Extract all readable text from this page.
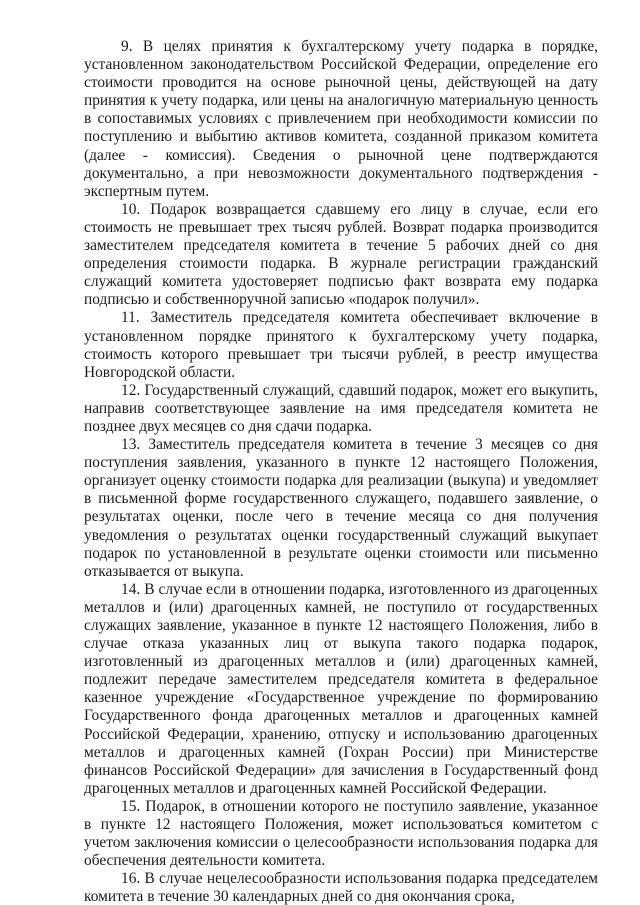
9. В целях принятия к бухгалтерскому учету подарка в порядке, установленном законодательством Российской Федерации, определение его стоимости проводится на основе рыночной цены, действующей на дату принятия к учету подарка, или цены на аналогичную материальную ценность в сопоставимых условиях с привлечением при необходимости комиссии по поступлению и выбытию активов комитета, созданной приказом комитета (далее - комиссия). Сведения о рыночной цене подтверждаются документально, а при невозможности документального подтверждения - экспертным путем.

10. Подарок возвращается сдавшему его лицу в случае, если его стоимость не превышает трех тысяч рублей. Возврат подарка производится заместителем председателя комитета в течение 5 рабочих дней со дня определения стоимости подарка. В журнале регистрации гражданский служащий комитета удостоверяет подписью факт возврата ему подарка подписью и собственноручной записью «подарок получил».

11. Заместитель председателя комитета обеспечивает включение в установленном порядке принятого к бухгалтерскому учету подарка, стоимость которого превышает три тысячи рублей, в реестр имущества Новгородской области.

12. Государственный служащий, сдавший подарок, может его выкупить, направив соответствующее заявление на имя председателя комитета не позднее двух месяцев со дня сдачи подарка.

13. Заместитель председателя комитета в течение 3 месяцев со дня поступления заявления, указанного в пункте 12 настоящего Положения, организует оценку стоимости подарка для реализации (выкупа) и уведомляет в письменной форме государственного служащего, подавшего заявление, о результатах оценки, после чего в течение месяца со дня получения уведомления о результатах оценки государственный служащий выкупает подарок по установленной в результате оценки стоимости или письменно отказывается от выкупа.

14. В случае если в отношении подарка, изготовленного из драгоценных металлов и (или) драгоценных камней, не поступило от государственных служащих заявление, указанное в пункте 12 настоящего Положения, либо в случае отказа указанных лиц от выкупа такого подарка подарок, изготовленный из драгоценных металлов и (или) драгоценных камней, подлежит передаче заместителем председателя комитета в федеральное казенное учреждение «Государственное учреждение по формированию Государственного фонда драгоценных металлов и драгоценных камней Российской Федерации, хранению, отпуску и использованию драгоценных металлов и драгоценных камней (Гохран России) при Министерстве финансов Российской Федерации» для зачисления в Государственный фонд драгоценных металлов и драгоценных камней Российской Федерации.

15. Подарок, в отношении которого не поступило заявление, указанное в пункте 12 настоящего Положения, может использоваться комитетом с учетом заключения комиссии о целесообразности использования подарка для обеспечения деятельности комитета.

16. В случае нецелесообразности использования подарка председателем комитета в течение 30 календарных дней со дня окончания срока,
